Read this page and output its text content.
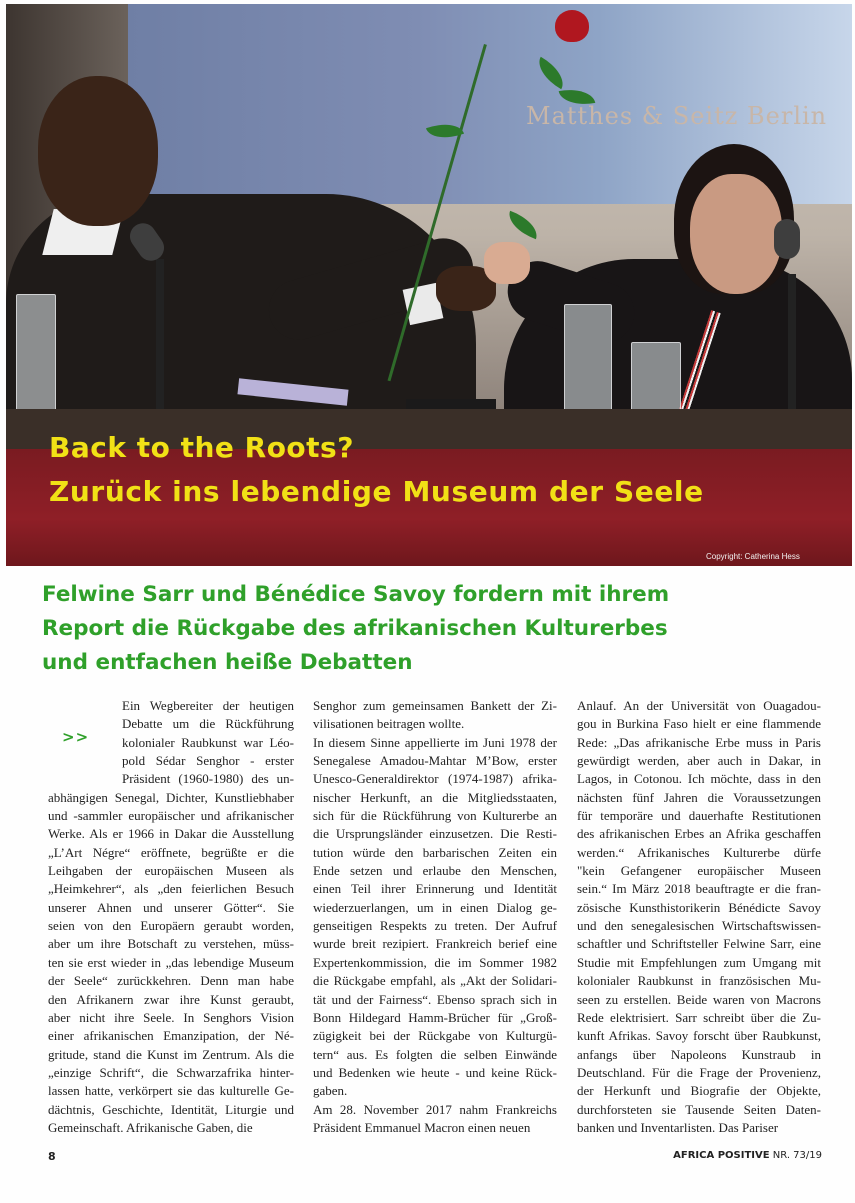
Matthes & Seitz Berlin
Back to the Roots?
Zurück ins lebendige Museum der Seele
Copyright: Catherina Hess
Felwine Sarr und Bénédice Savoy fordern mit ihrem
Report die Rückgabe des afrikanischen Kulturerbes
und entfachen heiße Debatten
>>
Ein Wegbereiter der heutigen
Debatte um die Rückführung
kolonialer Raubkunst war Léo-
pold Sédar Senghor - erster
Präsident (1960-1980) des un-
abhängigen Senegal, Dichter, Kunstliebhaber
und -sammler europäischer und afrikanischer
Werke. Als er 1966 in Dakar die Ausstellung
„L’Art Négre“ eröffnete, begrüßte er die
Leihgaben der europäischen Museen als
„Heimkehrer“, als „den feierlichen Besuch
unserer Ahnen und unserer Götter“. Sie
seien von den Europäern geraubt worden,
aber um ihre Botschaft zu verstehen, müss-
ten sie erst wieder in „das lebendige Museum
der Seele“ zurückkehren. Denn man habe
den Afrikanern zwar ihre Kunst geraubt,
aber nicht ihre Seele. In Senghors Vision
einer afrikanischen Emanzipation, der Né-
gritude, stand die Kunst im Zentrum. Als die
„einzige Schrift“, die Schwarzafrika hinter-
lassen hatte, verkörpert sie das kulturelle Ge-
dächtnis, Geschichte, Identität, Liturgie und
Gemeinschaft. Afrikanische Gaben, die
Senghor zum gemeinsamen Bankett der Zi-
vilisationen beitragen wollte.
In diesem Sinne appellierte im Juni 1978 der
Senegalese Amadou-Mahtar M’Bow, erster
Unesco-Generaldirektor (1974-1987) afrika-
nischer Herkunft, an die Mitgliedsstaaten,
sich für die Rückführung von Kulturerbe an
die Ursprungsländer einzusetzen. Die Resti-
tution würde den barbarischen Zeiten ein
Ende setzen und erlaube den Menschen,
einen Teil ihrer Erinnerung und Identität
wiederzuerlangen, um in einen Dialog ge-
genseitigen Respekts zu treten. Der Aufruf
wurde breit rezipiert. Frankreich berief eine
Expertenkommission, die im Sommer 1982
die Rückgabe empfahl, als „Akt der Solidari-
tät und der Fairness“. Ebenso sprach sich in
Bonn Hildegard Hamm-Brücher für „Groß-
zügigkeit bei der Rückgabe von Kulturgü-
tern“ aus. Es folgten die selben Einwände
und Bedenken wie heute - und keine Rück-
gaben.
Am 28. November 2017 nahm Frankreichs
Präsident Emmanuel Macron einen neuen
Anlauf. An der Universität von Ouagadou-
gou in Burkina Faso hielt er eine flammende
Rede: „Das afrikanische Erbe muss in Paris
gewürdigt werden, aber auch in Dakar, in
Lagos, in Cotonou. Ich möchte, dass in den
nächsten fünf Jahren die Voraussetzungen
für temporäre und dauerhafte Restitutionen
des afrikanischen Erbes an Afrika geschaffen
werden.“ Afrikanisches Kulturerbe dürfe
"kein Gefangener europäischer Museen
sein.“ Im März 2018 beauftragte er die fran-
zösische Kunsthistorikerin Bénédicte Savoy
und den senegalesischen Wirtschaftswissen-
schaftler und Schriftsteller Felwine Sarr, eine
Studie mit Empfehlungen zum Umgang mit
kolonialer Raubkunst in französischen Mu-
seen zu erstellen. Beide waren von Macrons
Rede elektrisiert. Sarr schreibt über die Zu-
kunft Afrikas. Savoy forscht über Raubkunst,
anfangs über Napoleons Kunstraub in
Deutschland. Für die Frage der Provenienz,
der Herkunft und Biografie der Objekte,
durchforsteten sie Tausende Seiten Daten-
banken und Inventarlisten. Das Pariser
8	AFRICA POSITIVE NR. 73/19
